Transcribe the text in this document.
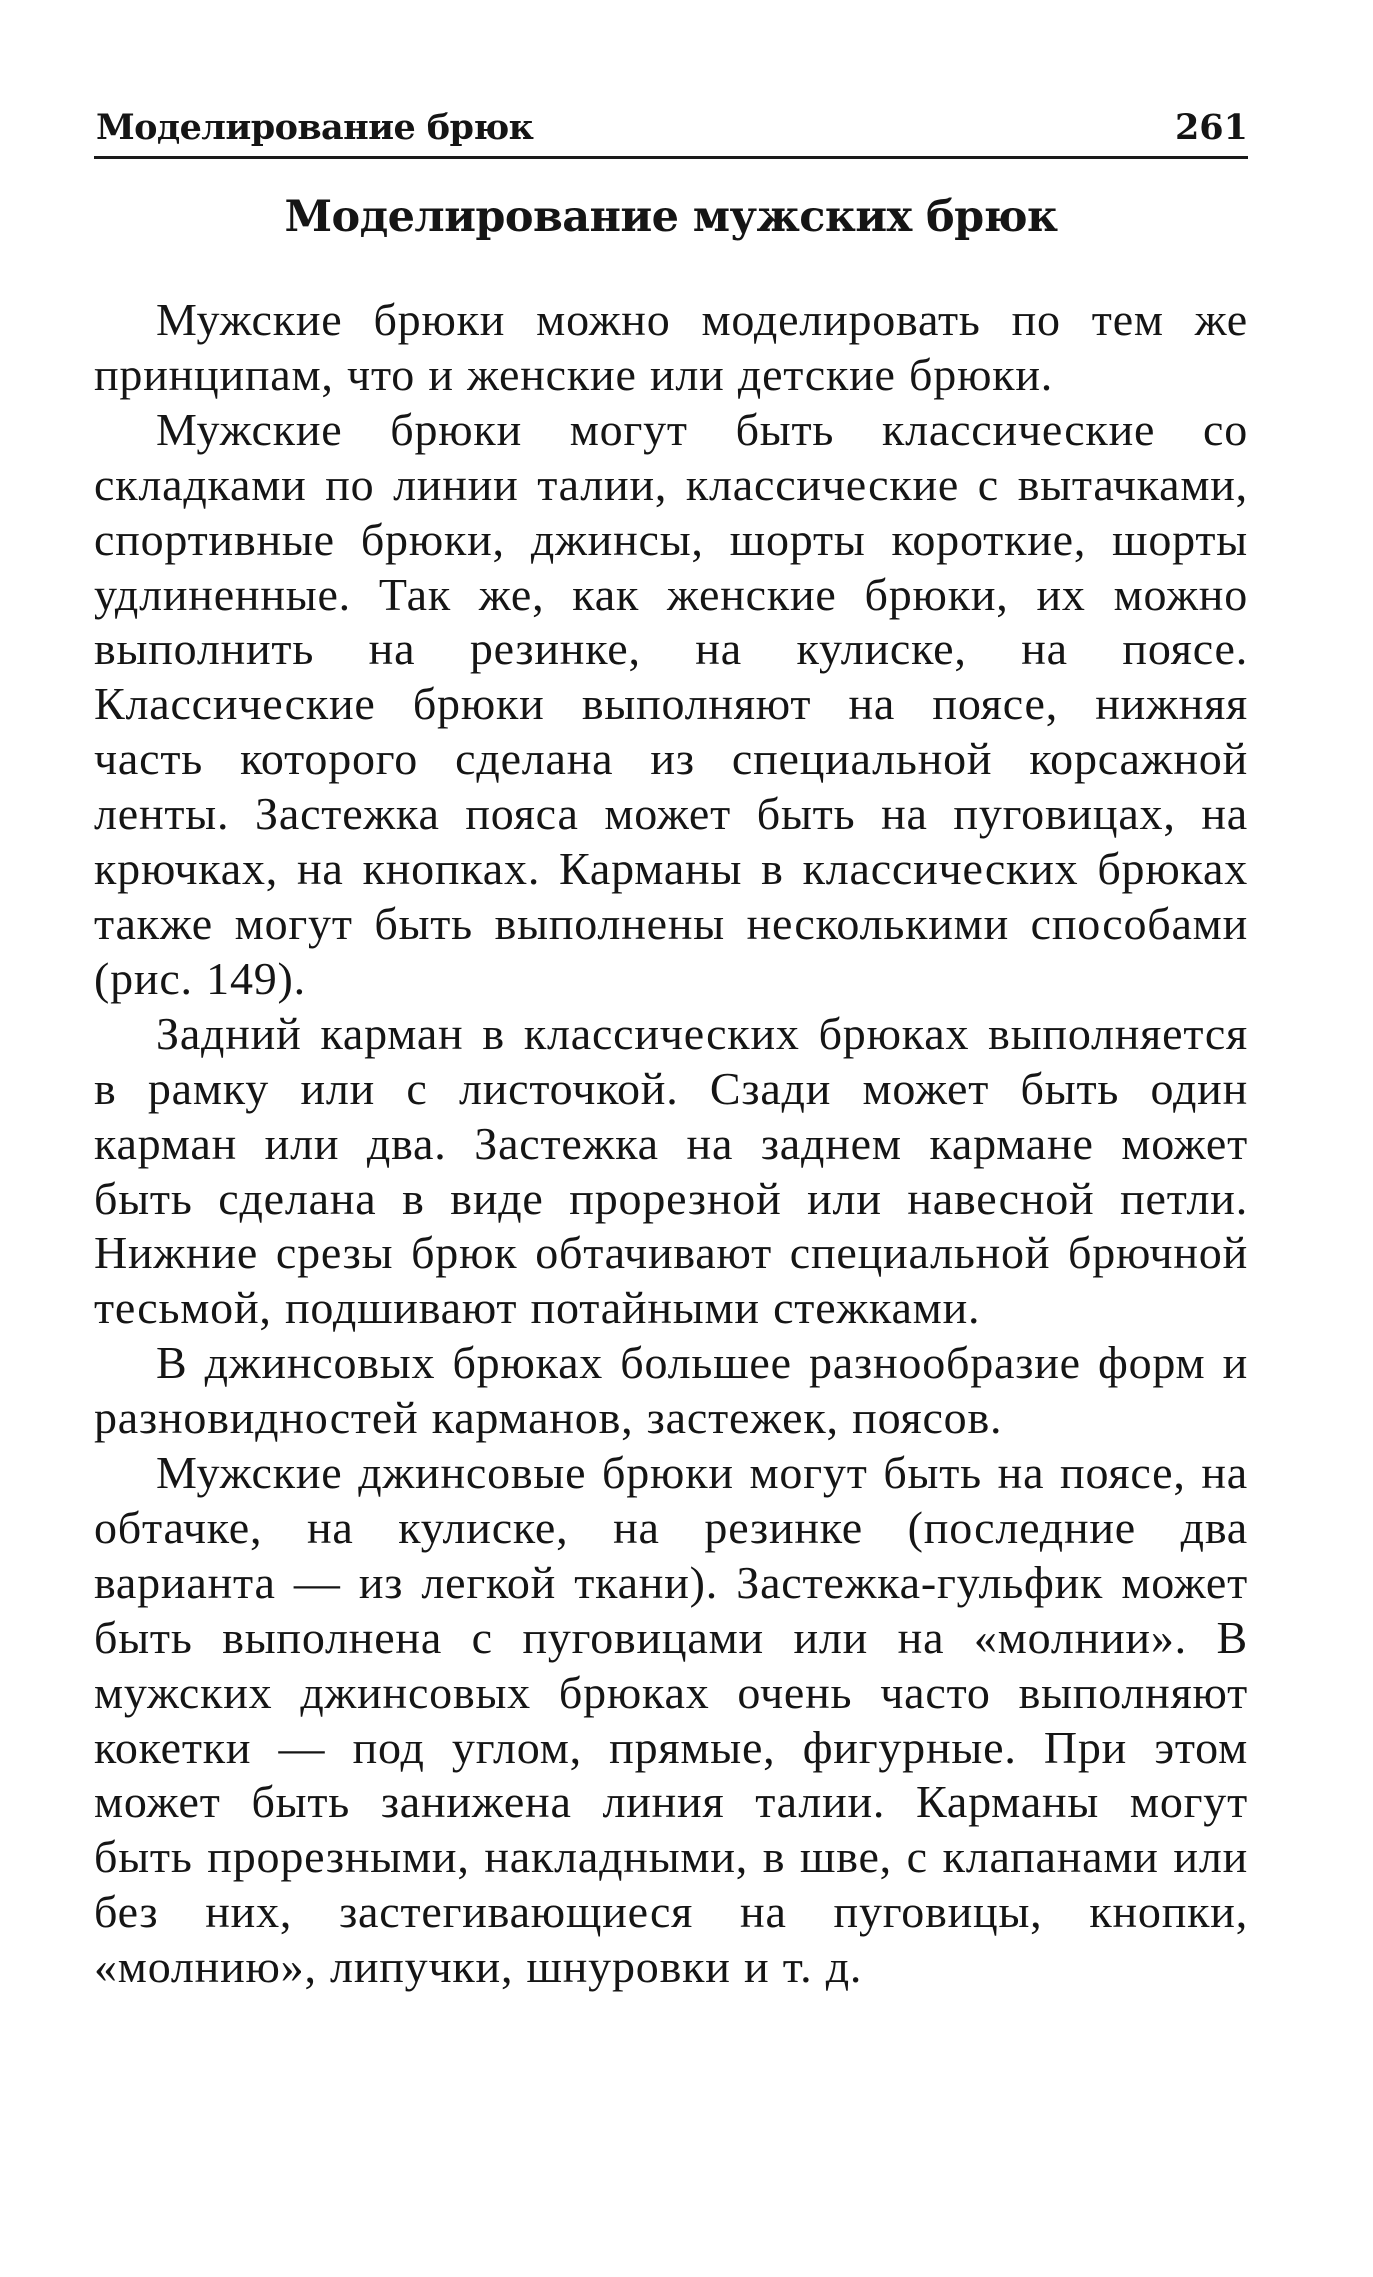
Моделирование брюк	261
Моделирование мужских брюк

Мужские брюки можно моделировать по тем же принципам, что и женские или детские брюки.

Мужские брюки могут быть классические со складками по линии талии, классические с вытачками, спортивные брюки, джинсы, шорты короткие, шорты удлиненные. Так же, как женские брюки, их можно выполнить на резинке, на кулиске, на поясе. Классические брюки выполняют на поясе, нижняя часть которого сделана из специальной корсажной ленты. Застежка пояса может быть на пуговицах, на крючках, на кнопках. Карманы в классических брюках также могут быть выполнены несколькими способами (рис. 149).

Задний карман в классических брюках выполняется в рамку или с листочкой. Сзади может быть один карман или два. Застежка на заднем кармане может быть сделана в виде прорезной или навесной петли. Нижние срезы брюк обтачивают специальной брючной тесьмой, подшивают потайными стежками.

В джинсовых брюках большее разнообразие форм и разновидностей карманов, застежек, поясов.

Мужские джинсовые брюки могут быть на поясе, на обтачке, на кулиске, на резинке (последние два варианта — из легкой ткани). Застежка-гульфик может быть выполнена с пуговицами или на «молнии». В мужских джинсовых брюках очень часто выполняют кокетки — под углом, прямые, фигурные. При этом может быть занижена линия талии. Карманы могут быть прорезными, накладными, в шве, с клапанами или без них, застегивающиеся на пуговицы, кнопки, «молнию», липучки, шнуровки и т. д.
